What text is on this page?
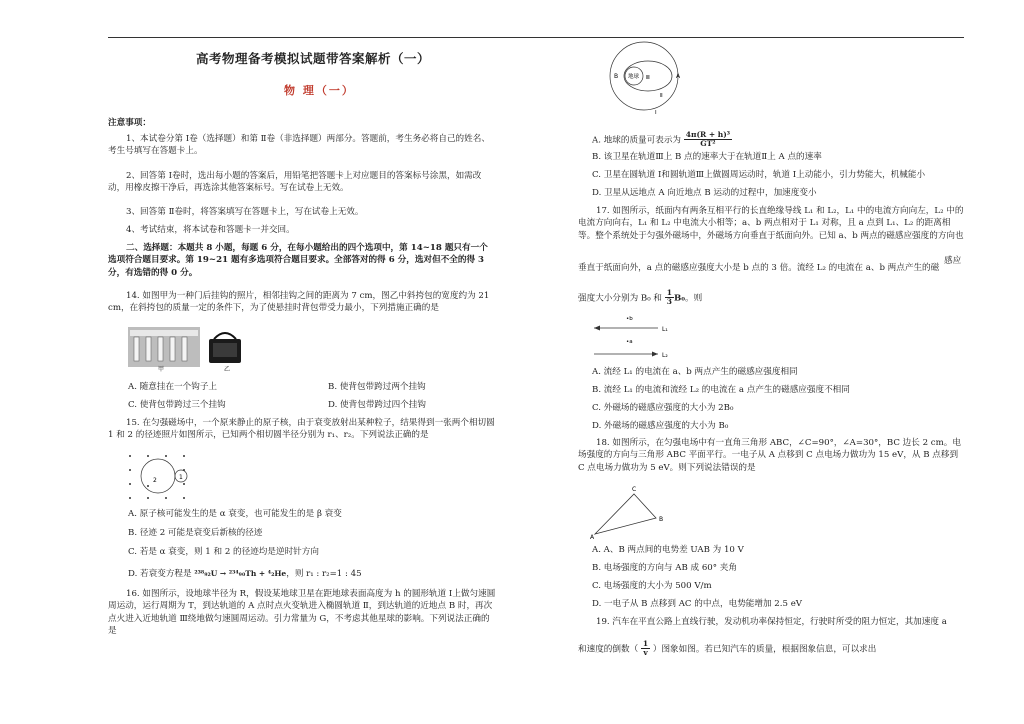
高考物理备考模拟试题带答案解析（一）
物 理（一）
注意事项：
1、本试卷分第 Ⅰ卷（选择题）和第 Ⅱ卷（非选择题）两部分。答题前，考生务必将自己的姓名、考生号填写在答题卡上。
2、回答第 Ⅰ卷时，选出每小题的答案后，用铅笔把答题卡上对应题目的答案标号涂黑，如需改动，用橡皮擦干净后，再选涂其他答案标号。写在试卷上无效。
3、回答第 Ⅱ卷时，将答案填写在答题卡上，写在试卷上无效。
4、考试结束，将本试卷和答题卡一并交回。
二、选择题：本题共 8 小题，每题 6 分，在每小题给出的四个选项中，第 14~18 题只有一个选项符合题目要求。第 19~21 题有多选项符合题目要求。全部答对的得 6 分，选对但不全的得 3 分，有选错的得 0 分。
14. 如图甲为一种门后挂钩的照片，相邻挂钩之间的距离为 7 cm，图乙中斜挎包的宽度约为 21 cm，在斜挎包的质量一定的条件下，为了使悬挂时背包带受力最小，下列措施正确的是
甲	乙
A. 随意挂在一个钩子上	B. 使背包带跨过两个挂钩
C. 使背包带跨过三个挂钩	D. 使背包带跨过四个挂钩
15. 在匀强磁场中，一个原来静止的原子核，由于衰变放射出某种粒子，结果得到一张两个相切圆 1 和 2 的径迹照片如图所示，已知两个相切圆半径分别为 r₁、r₂。下列说法正确的是
2	1
A. 原子核可能发生的是 α 衰变，也可能发生的是 β 衰变
B. 径迹 2 可能是衰变后新核的径迹
C. 若是 α 衰变，则 1 和 2 的径迹均是逆时针方向
D. 若衰变方程是 ²³⁸₉₂U → ²³⁴₉₀Th + ⁴₂He，则 r₁ : r₂=1 : 45
16. 如图所示，设地球半径为 R，假设某地球卫星在距地球表面高度为 h 的圆形轨道 Ⅰ上做匀速圆周运动，运行周期为 T，到达轨道的 A 点时点火变轨进入椭圆轨道 Ⅱ，到达轨道的近地点 B 时，再次点火进入近地轨道 Ⅲ绕地做匀速圆周运动。引力常量为 G，不考虑其他星球的影响。下列说法正确的是
B 地球 Ⅲ
Ⅱ
A
Ⅰ
A. 地球的质量可表示为 $\frac{\text{4π(R + h)³}}{\text{GT²}}$
B. 该卫星在轨道Ⅲ上 B 点的速率大于在轨道Ⅱ上 A 点的速率
C. 卫星在圆轨道 Ⅰ和圆轨道Ⅲ上做圆周运动时，轨道 Ⅰ上动能小，引力势能大，机械能小
D. 卫星从远地点 A 向近地点 B 运动的过程中，加速度变小
17. 如图所示，纸面内有两条互相平行的长直绝缘导线 L₁ 和 L₂，L₁ 中的电流方向向左，L₂ 中的电流方向向右，L₁ 和 L₂ 中电流大小相等；a、b 两点相对于 L₁ 对称，且 a 点到 L₁、L₂ 的距离相等。整个系统处于匀强外磁场中，外磁场方向垂直于纸面向外。已知 a、b 两点的磁感应强度的方向也
垂直于纸面向外，a 点的磁感应强度大小是 b 点的 3 倍。流经 L₂ 的电流在 a、b 两点产生的磁
感应
强度大小分别为 B₀ 和 $\frac{1}{3} B_0$。则
•b
L₁
•a
L₂
A. 流经 L₁ 的电流在 a、b 两点产生的磁感应强度相同
B. 流经 L₁ 的电流和流经 L₂ 的电流在 a 点产生的磁感应强度不相同
C. 外磁场的磁感应强度的大小为 2B₀
D. 外磁场的磁感应强度的大小为 B₀
18. 如图所示，在匀强电场中有一直角三角形 ABC，∠C=90°，∠A=30°，BC 边长 2 cm。电场强度的方向与三角形 ABC 平面平行。一电子从 A 点移到 C 点电场力做功为 15 eV，从 B 点移到 C 点电场力做功为 5 eV。则下列说法错误的是
C
B
A
A. A、B 两点间的电势差 UAB 为 10 V
B. 电场强度的方向与 AB 成 60° 夹角
C. 电场强度的大小为 500 V/m
D. 一电子从 B 点移到 AC 的中点，电势能增加 2.5 eV
19. 汽车在平直公路上直线行驶，发动机功率保持恒定，行驶时所受的阻力恒定，其加速度 a
和速度的倒数（ $\frac{1}{v}$ ）图象如图。若已知汽车的质量，根据图象信息，可以求出
